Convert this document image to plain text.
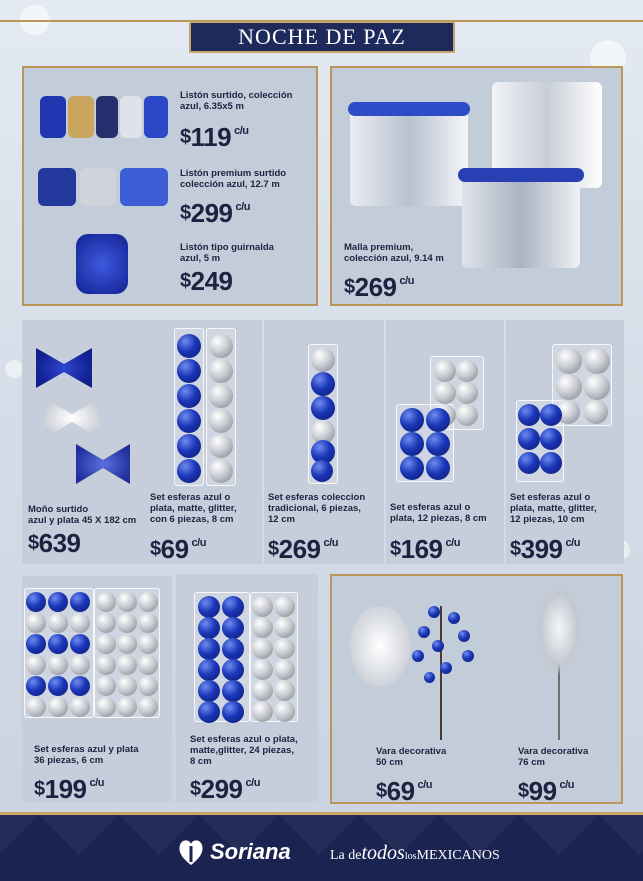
NOCHE DE PAZ
Listón surtido, colección
azul, 6.35x5 m
$119 $^{c/u}$
Listón premium surtido
colección azul, 12.7 m
$299 $^{c/u}$
Listón tipo guirnalda
azul, 5 m
$249
Malla premium,
colección azul, 9.14 m
$269 $^{c/u}$
Moño surtido
azul y plata 45 X 182 cm
$639
Set esferas azul o
plata, matte, glitter,
con 6 piezas, 8 cm
$69 $^{c/u}$
Set esferas coleccion
tradicional, 6 piezas,
12 cm
$269 $^{c/u}$
Set esferas azul o
plata, 12 piezas, 8 cm
$169 $^{c/u}$
Set esferas azul o
plata, matte, glitter,
12 piezas, 10 cm
$399 $^{c/u}$
Set esferas azul y plata
36 piezas, 6 cm
$199 $^{c/u}$
Set esferas azul o plata,
matte,glitter, 24 piezas,
8 cm
$299 $^{c/u}$
Vara decorativa
50 cm
$69 $^{c/u}$
Vara decorativa
76 cm
$99 $^{c/u}$
Soriana	La detodoslosMEXICANOS
